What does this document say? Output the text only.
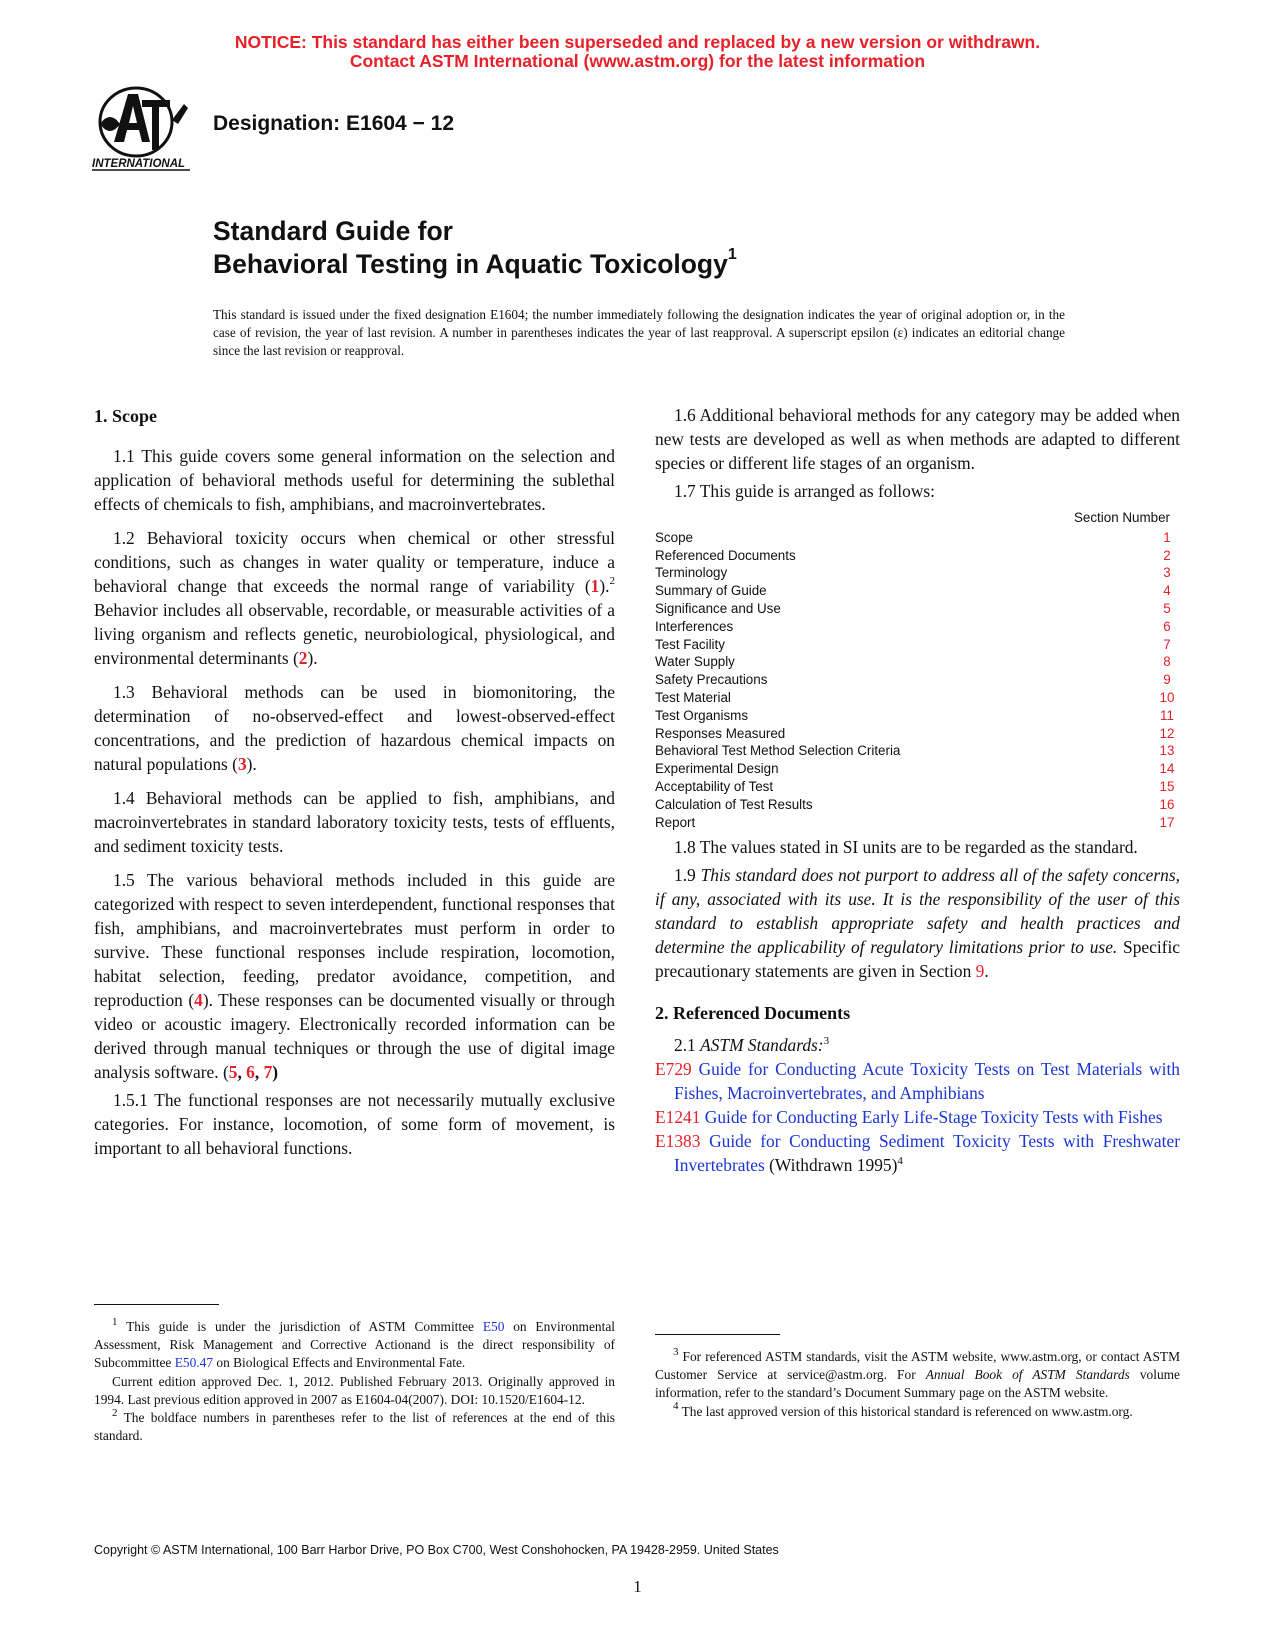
NOTICE: This standard has either been superseded and replaced by a new version or withdrawn.
Contact ASTM International (www.astm.org) for the latest information
INTERNATIONAL
Designation: E1604 − 12
Standard Guide for
Behavioral Testing in Aquatic Toxicology$^1$
This standard is issued under the fixed designation E1604; the number immediately following the designation indicates the year of original adoption or, in the case of revision, the year of last revision. A number in parentheses indicates the year of last reapproval. A superscript epsilon (ε) indicates an editorial change since the last revision or reapproval.
1. Scope
1.1 This guide covers some general information on the selection and application of behavioral methods useful for determining the sublethal effects of chemicals to fish, amphibians, and macroinvertebrates.
1.2 Behavioral toxicity occurs when chemical or other stressful conditions, such as changes in water quality or temperature, induce a behavioral change that exceeds the normal range of variability (1).$^2$ Behavior includes all observable, recordable, or measurable activities of a living organism and reflects genetic, neurobiological, physiological, and environmental determinants (2).
1.3 Behavioral methods can be used in biomonitoring, the determination of no-observed-effect and lowest-observed-effect concentrations, and the prediction of hazardous chemical impacts on natural populations (3).
1.4 Behavioral methods can be applied to fish, amphibians, and macroinvertebrates in standard laboratory toxicity tests, tests of effluents, and sediment toxicity tests.
1.5 The various behavioral methods included in this guide are categorized with respect to seven interdependent, functional responses that fish, amphibians, and macroinvertebrates must perform in order to survive. These functional responses include respiration, locomotion, habitat selection, feeding, predator avoidance, competition, and reproduction (4). These responses can be documented visually or through video or acoustic imagery. Electronically recorded information can be derived through manual techniques or through the use of digital image analysis software. (5, 6, 7)
1.5.1 The functional responses are not necessarily mutually exclusive categories. For instance, locomotion, of some form of movement, is important to all behavioral functions.
1.6 Additional behavioral methods for any category may be added when new tests are developed as well as when methods are adapted to different species or different life stages of an organism.
1.7 This guide is arranged as follows:
Section Number
Scope	1
Referenced Documents	2
Terminology	3
Summary of Guide	4
Significance and Use	5
Interferences	6
Test Facility	7
Water Supply	8
Safety Precautions	9
Test Material	10
Test Organisms	11
Responses Measured	12
Behavioral Test Method Selection Criteria	13
Experimental Design	14
Acceptability of Test	15
Calculation of Test Results	16
Report	17
1.8 The values stated in SI units are to be regarded as the standard.
1.9 This standard does not purport to address all of the safety concerns, if any, associated with its use. It is the responsibility of the user of this standard to establish appropriate safety and health practices and determine the applicability of regulatory limitations prior to use. Specific precautionary statements are given in Section 9.
2. Referenced Documents
2.1 ASTM Standards:$^3$
E729 Guide for Conducting Acute Toxicity Tests on Test Materials with Fishes, Macroinvertebrates, and Amphibians
E1241 Guide for Conducting Early Life-Stage Toxicity Tests with Fishes
E1383 Guide for Conducting Sediment Toxicity Tests with Freshwater Invertebrates (Withdrawn 1995)$^4$

$^1$ This guide is under the jurisdiction of ASTM Committee E50 on Environmental Assessment, Risk Management and Corrective Actionand is the direct responsibility of Subcommittee E50.47 on Biological Effects and Environmental Fate.

Current edition approved Dec. 1, 2012. Published February 2013. Originally approved in 1994. Last previous edition approved in 2007 as E1604-04(2007). DOI: 10.1520/E1604-12.

$^2$ The boldface numbers in parentheses refer to the list of references at the end of this standard.

$^3$ For referenced ASTM standards, visit the ASTM website, www.astm.org, or contact ASTM Customer Service at service@astm.org. For Annual Book of ASTM Standards volume information, refer to the standard’s Document Summary page on the ASTM website.

$^4$ The last approved version of this historical standard is referenced on www.astm.org.

Copyright © ASTM International, 100 Barr Harbor Drive, PO Box C700, West Conshohocken, PA 19428-2959. United States
1
